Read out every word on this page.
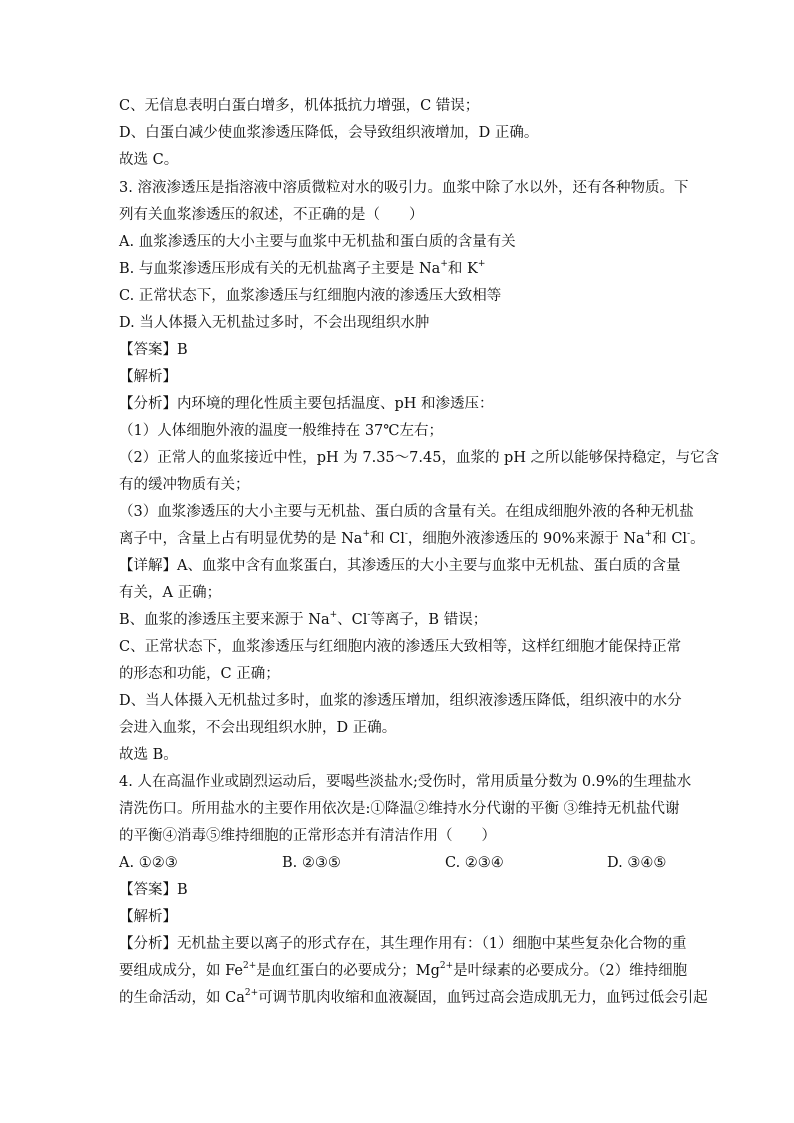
C、无信息表明白蛋白增多，机体抵抗力增强，C 错误；
D、白蛋白减少使血浆渗透压降低，会导致组织液增加，D 正确。
故选 C。
3. 溶液渗透压是指溶液中溶质微粒对水的吸引力。血浆中除了水以外，还有各种物质。下
列有关血浆渗透压的叙述，不正确的是（　　）
A. 血浆渗透压的大小主要与血浆中无机盐和蛋白质的含量有关
B. 与血浆渗透压形成有关的无机盐离子主要是 Na+和 K+
C. 正常状态下，血浆渗透压与红细胞内液的渗透压大致相等
D. 当人体摄入无机盐过多时，不会出现组织水肿
【答案】B
【解析】
【分析】内环境的理化性质主要包括温度、pH 和渗透压：
（1）人体细胞外液的温度一般维持在 37℃左右；
（2）正常人的血浆接近中性，pH 为 7.35～7.45，血浆的 pH 之所以能够保持稳定，与它含
有的缓冲物质有关；
（3）血浆渗透压的大小主要与无机盐、蛋白质的含量有关。在组成细胞外液的各种无机盐
离子中，含量上占有明显优势的是 Na+和 Cl-，细胞外液渗透压的 90%来源于 Na+和 Cl-。
【详解】A、血浆中含有血浆蛋白，其渗透压的大小主要与血浆中无机盐、蛋白质的含量
有关，A 正确；
B、血浆的渗透压主要来源于 Na+、Cl-等离子，B 错误；
C、正常状态下，血浆渗透压与红细胞内液的渗透压大致相等，这样红细胞才能保持正常
的形态和功能，C 正确；
D、当人体摄入无机盐过多时，血浆的渗透压增加，组织液渗透压降低，组织液中的水分
会进入血浆，不会出现组织水肿，D 正确。
故选 B。
4. 人在高温作业或剧烈运动后，要喝些淡盐水;受伤时，常用质量分数为 0.9%的生理盐水
清洗伤口。所用盐水的主要作用依次是:①降温②维持水分代谢的平衡 ③维持无机盐代谢
的平衡④消毒⑤维持细胞的正常形态并有清洁作用（　　）
A. ①②③	B. ②③⑤	C. ②③④	D. ③④⑤
【答案】B
【解析】
【分析】无机盐主要以离子的形式存在，其生理作用有：（1）细胞中某些复杂化合物的重
要组成成分，如 $Fe^{2+}$是血红蛋白的必要成分；$Mg^{2+}$是叶绿素的必要成分。（2）维持细胞
的生命活动，如 $Ca^{2+}$可调节肌肉收缩和血液凝固，血钙过高会造成肌无力，血钙过低会引起
